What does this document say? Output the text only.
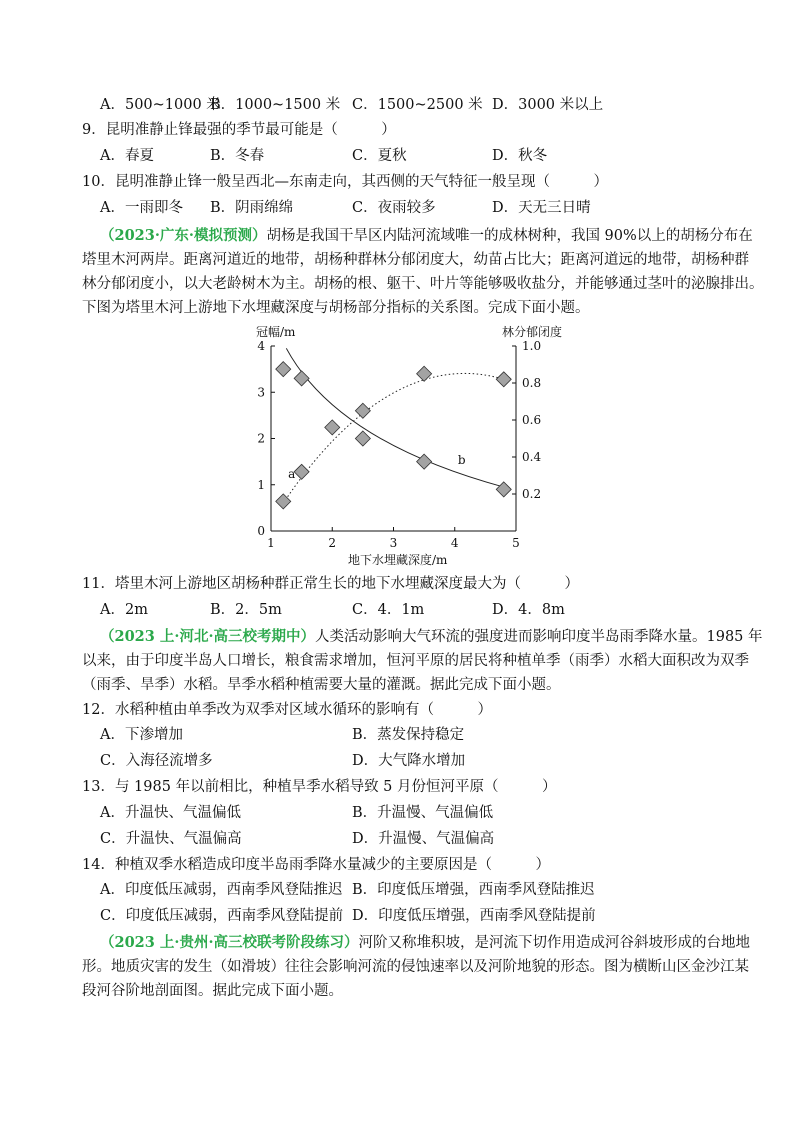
A．500~1000 米
B．1000~1500 米 C．1500~2500 米 D．3000 米以上
9．昆明准静止锋最强的季节最可能是（　　　）
A．春夏	B．冬春	C．夏秋	D．秋冬
10．昆明准静止锋一般呈西北—东南走向，其西侧的天气特征一般呈现（　　　）
A．一雨即冬 B．阴雨绵绵	C．夜雨较多	D．天无三日晴
（2023·广东·模拟预测）胡杨是我国干旱区内陆河流域唯一的成林树种，我国 90%以上的胡杨分布在
塔里木河两岸。距离河道近的地带，胡杨种群林分郁闭度大，幼苗占比大；距离河道远的地带，胡杨种群
林分郁闭度小，以大老龄树木为主。胡杨的根、躯干、叶片等能够吸收盐分，并能够通过茎叶的泌腺排出。
下图为塔里木河上游地下水埋藏深度与胡杨部分指标的关系图。完成下面小题。
冠幅/m	林分郁闭度
地下水埋藏深度/m
1	2	3	4	5
0
1
2
3
4
0.2
0.4
0.6
0.8
1.0
a
b
11．塔里木河上游地区胡杨种群正常生长的地下水埋藏深度最大为（　　　）
A．2m	B．2．5m	C．4．1m	D．4．8m
（2023 上·河北·高三校考期中）人类活动影响大气环流的强度进而影响印度半岛雨季降水量。1985 年
以来，由于印度半岛人口增长，粮食需求增加，恒河平原的居民将种植单季（雨季）水稻大面积改为双季
（雨季、旱季）水稻。旱季水稻种植需要大量的灌溉。据此完成下面小题。
12．水稻种植由单季改为双季对区域水循环的影响有（　　　）
A．下渗增加	B．蒸发保持稳定
C．入海径流增多	D．大气降水增加
13．与 1985 年以前相比，种植旱季水稻导致 5 月份恒河平原（　　　）
A．升温快、气温偏低	B．升温慢、气温偏低
C．升温快、气温偏高	D．升温慢、气温偏高
14．种植双季水稻造成印度半岛雨季降水量减少的主要原因是（　　　）
A．印度低压减弱，西南季风登陆推迟 B．印度低压增强，西南季风登陆推迟
C．印度低压减弱，西南季风登陆提前 D．印度低压增强，西南季风登陆提前
（2023 上·贵州·高三校联考阶段练习）河阶又称堆积坡，是河流下切作用造成河谷斜坡形成的台地地
形。地质灾害的发生（如滑坡）往往会影响河流的侵蚀速率以及河阶地貌的形态。图为横断山区金沙江某
段河谷阶地剖面图。据此完成下面小题。
